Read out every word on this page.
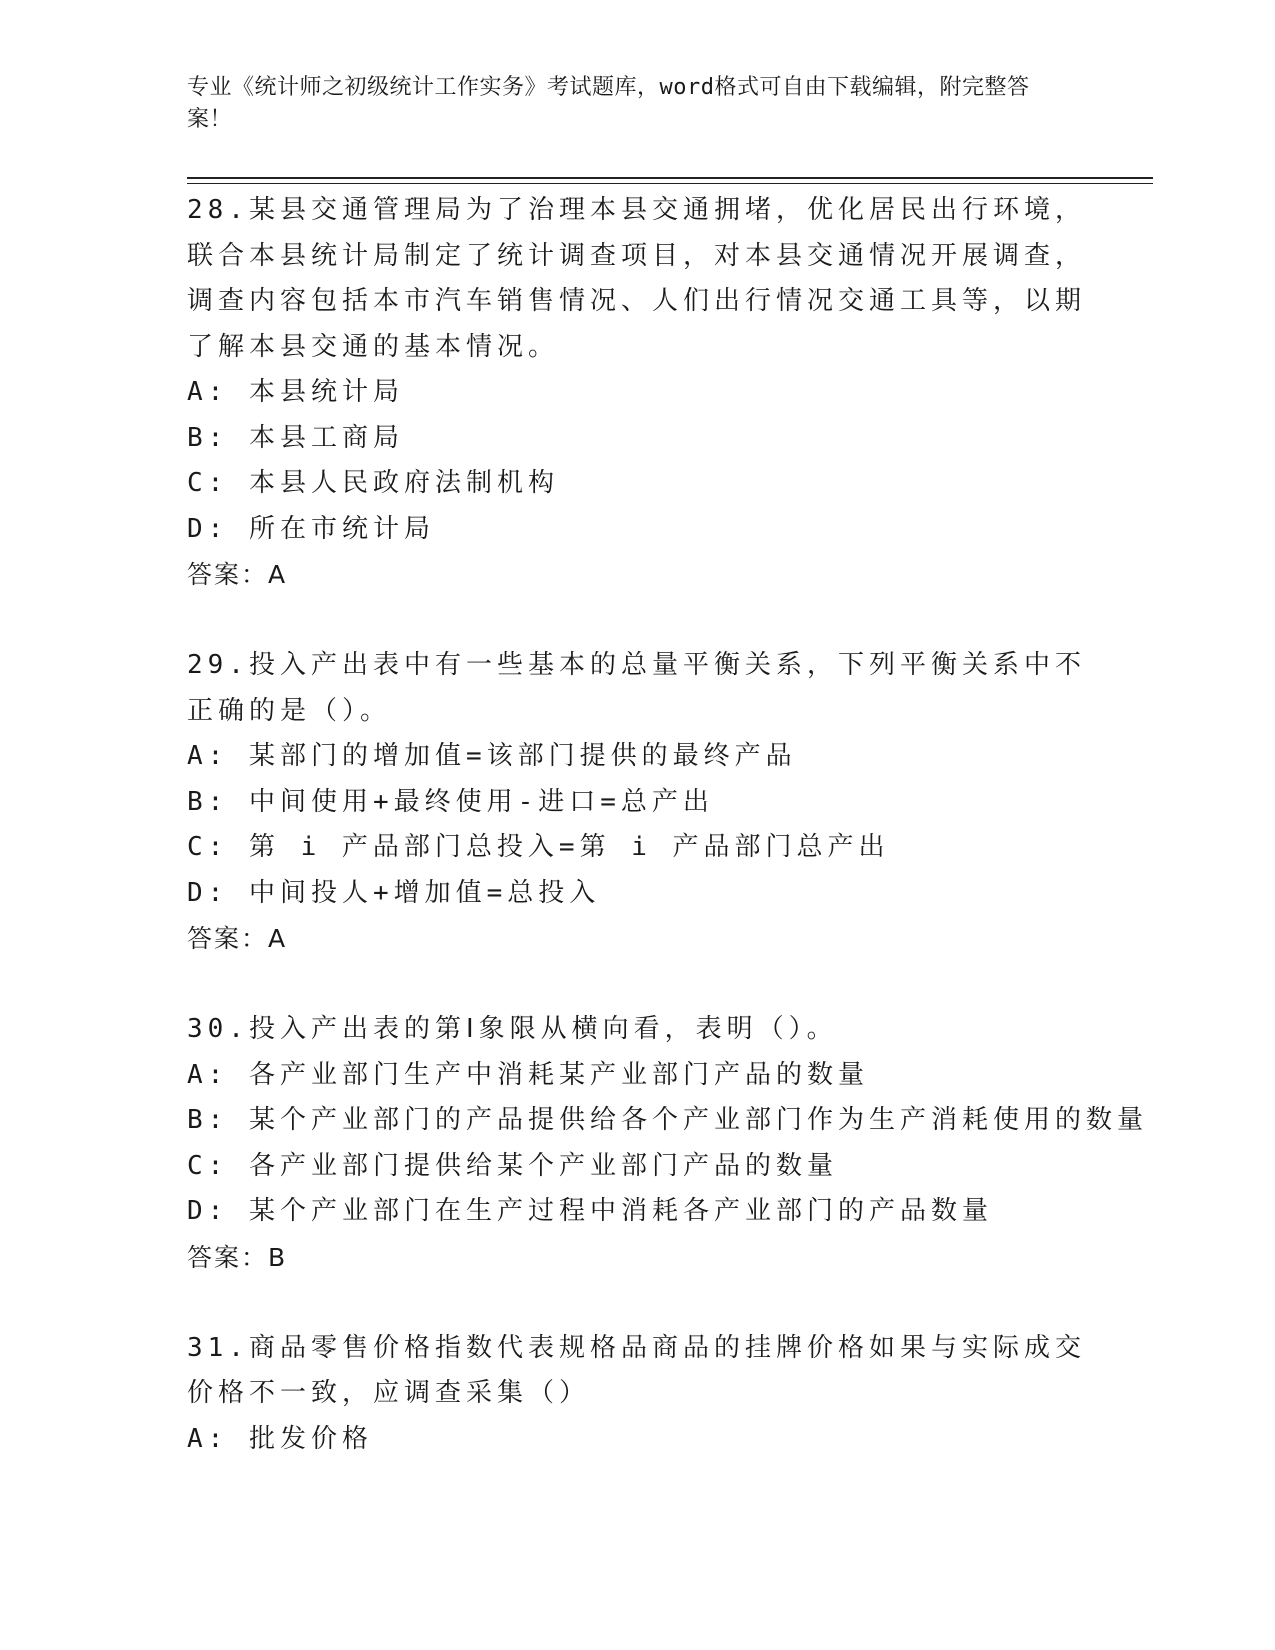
专业《统计师之初级统计工作实务》考试题库，word格式可自由下载编辑，附完整答案！

28.某县交通管理局为了治理本县交通拥堵，优化居民出行环境，联合本县统计局制定了统计调查项目，对本县交通情况开展调查，调查内容包括本市汽车销售情况、人们出行情况交通工具等，以期了解本县交通的基本情况。

A: 本县统计局

B: 本县工商局

C: 本县人民政府法制机构

D: 所在市统计局

答案：A

29.投入产出表中有一些基本的总量平衡关系，下列平衡关系中不正确的是（）。

A: 某部门的增加值=该部门提供的最终产品

B: 中间使用+最终使用-进口=总产出

C: 第 i 产品部门总投入=第 i 产品部门总产出

D: 中间投人+增加值=总投入

答案：A

30.投入产出表的第Ⅰ象限从横向看，表明（）。

A: 各产业部门生产中消耗某产业部门产品的数量

B: 某个产业部门的产品提供给各个产业部门作为生产消耗使用的数量

C: 各产业部门提供给某个产业部门产品的数量

D: 某个产业部门在生产过程中消耗各产业部门的产品数量

答案：B

31.商品零售价格指数代表规格品商品的挂牌价格如果与实际成交价格不一致，应调查采集（）

A: 批发价格
